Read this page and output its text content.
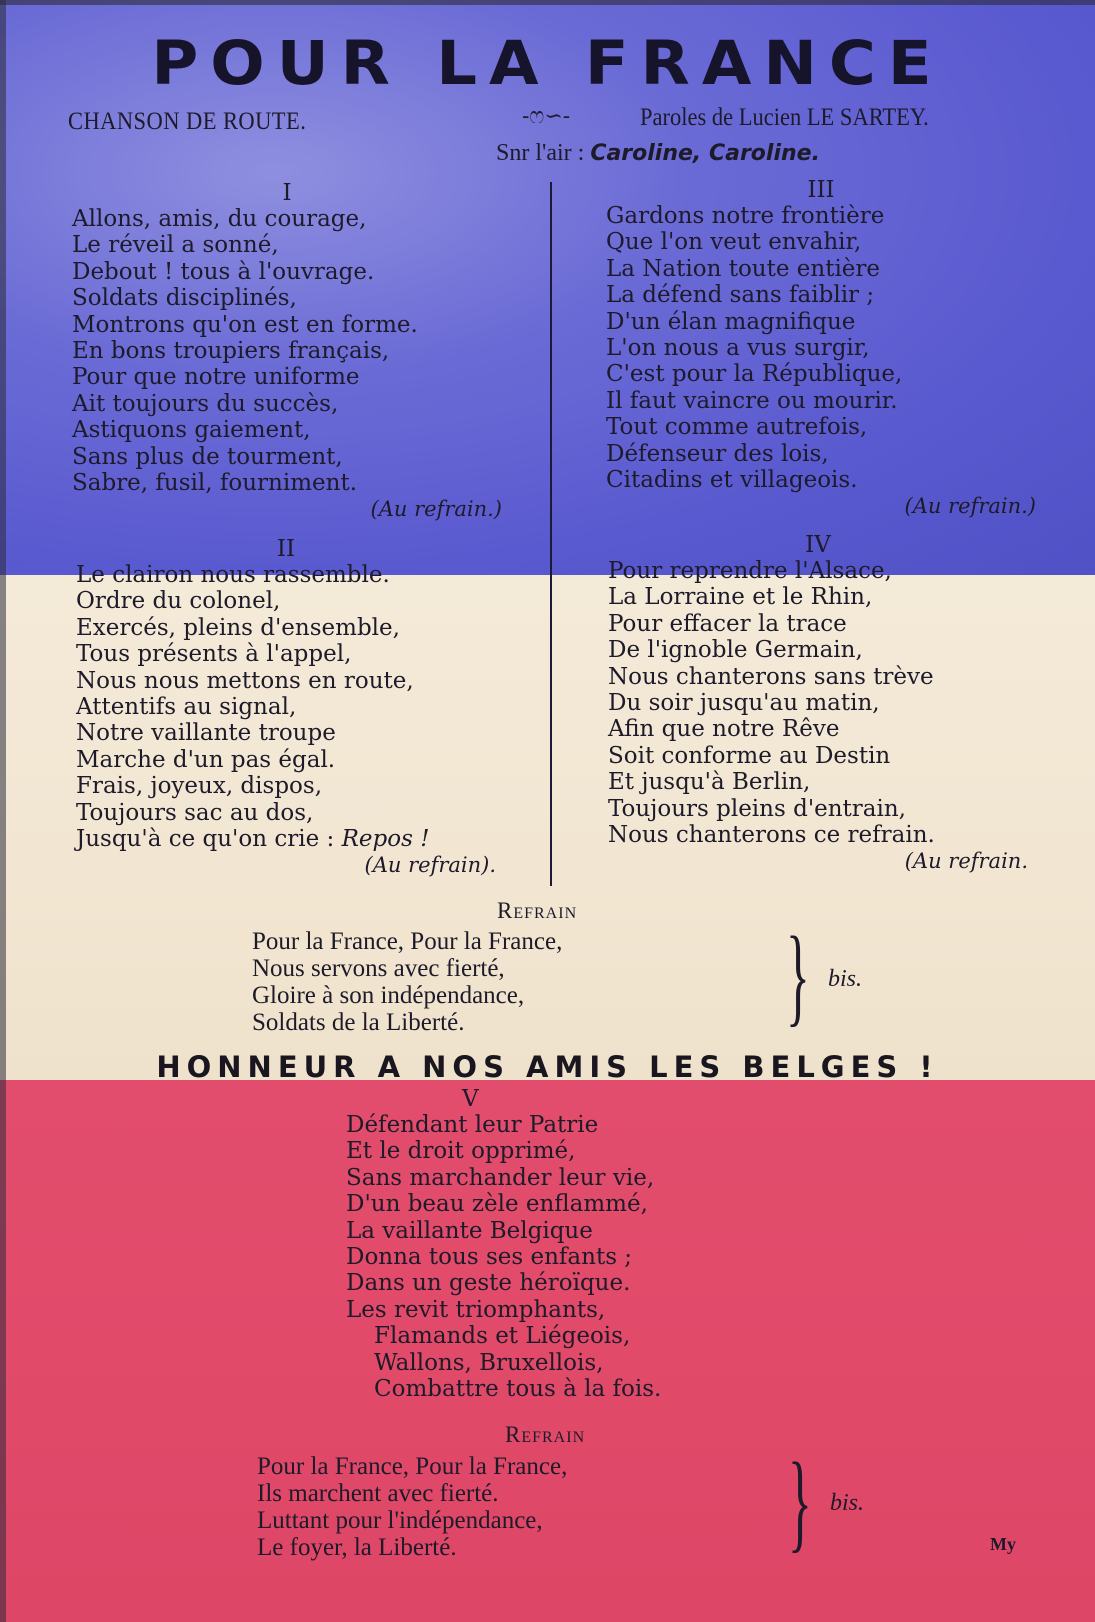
POUR LA FRANCE
CHANSON DE ROUTE.	-ෆ∽-	Paroles de Lucien LE SARTEY.
Snr l'air : Caroline, Caroline.
I
Allons, amis, du courage,
Le réveil a sonné,
Debout ! tous à l'ouvrage.
Soldats disciplinés,
Montrons qu'on est en forme.
En bons troupiers français,
Pour que notre uniforme
Ait toujours du succès,
Astiquons gaiement,
Sans plus de tourment,
Sabre, fusil, fourniment.
(Au refrain.)
II
Le clairon nous rassemble.
Ordre du colonel,
Exercés, pleins d'ensemble,
Tous présents à l'appel,
Nous nous mettons en route,
Attentifs au signal,
Notre vaillante troupe
Marche d'un pas égal.
Frais, joyeux, dispos,
Toujours sac au dos,
Jusqu'à ce qu'on crie : Repos !
(Au refrain).
III
Gardons notre frontière
Que l'on veut envahir,
La Nation toute entière
La défend sans faiblir ;
D'un élan magnifique
L'on nous a vus surgir,
C'est pour la République,
Il faut vaincre ou mourir.
Tout comme autrefois,
Défenseur des lois,
Citadins et villageois.
(Au refrain.)
IV
Pour reprendre l'Alsace,
La Lorraine et le Rhin,
Pour effacer la trace
De l'ignoble Germain,
Nous chanterons sans trève
Du soir jusqu'au matin,
Afin que notre Rêve
Soit conforme au Destin
Et jusqu'à Berlin,
Toujours pleins d'entrain,
Nous chanterons ce refrain.
(Au refrain.
Refrain
Pour la France, Pour la France,
Nous servons avec fierté,
Gloire à son indépendance,
Soldats de la Liberté.	} bis.
HONNEUR A NOS AMIS LES BELGES !
V
Défendant leur Patrie
Et le droit opprimé,
Sans marchander leur vie,
D'un beau zèle enflammé,
La vaillante Belgique
Donna tous ses enfants ;
Dans un geste héroïque.
Les revit triomphants,
Flamands et Liégeois,
Wallons, Bruxellois,
Combattre tous à la fois.
Refrain
Pour la France, Pour la France,
Ils marchent avec fierté.
Luttant pour l'indépendance,
Le foyer, la Liberté.	} bis.
My
